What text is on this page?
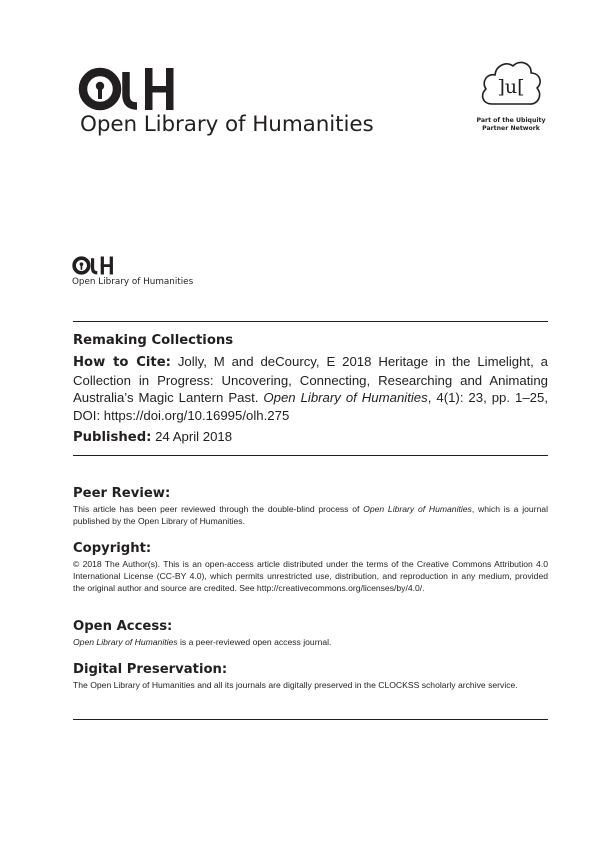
Open Library of Humanities
]u[
Part of the Ubiquity
Partner Network
Open Library of Humanities
Remaking Collections
How to Cite: Jolly, M and deCourcy, E 2018 Heritage in the Limelight, a Collection in Progress: Uncovering, Connecting, Researching and Animating Australia’s Magic Lantern Past. Open Library of Humanities, 4(1): 23, pp. 1–25, DOI: https://doi.org/10.16995/olh.275
Published: 24 April 2018

Peer Review:

This article has been peer reviewed through the double-blind process of Open Library of Humanities, which is a journal published by the Open Library of Humanities.

Copyright:

© 2018 The Author(s). This is an open-access article distributed under the terms of the Creative Commons Attribution 4.0 International License (CC-BY 4.0), which permits unrestricted use, distribution, and reproduction in any medium, provided the original author and source are credited. See http://creativecommons.org/licenses/by/4.0/.

Open Access:

Open Library of Humanities is a peer-reviewed open access journal.

Digital Preservation:

The Open Library of Humanities and all its journals are digitally preserved in the CLOCKSS scholarly archive service.
